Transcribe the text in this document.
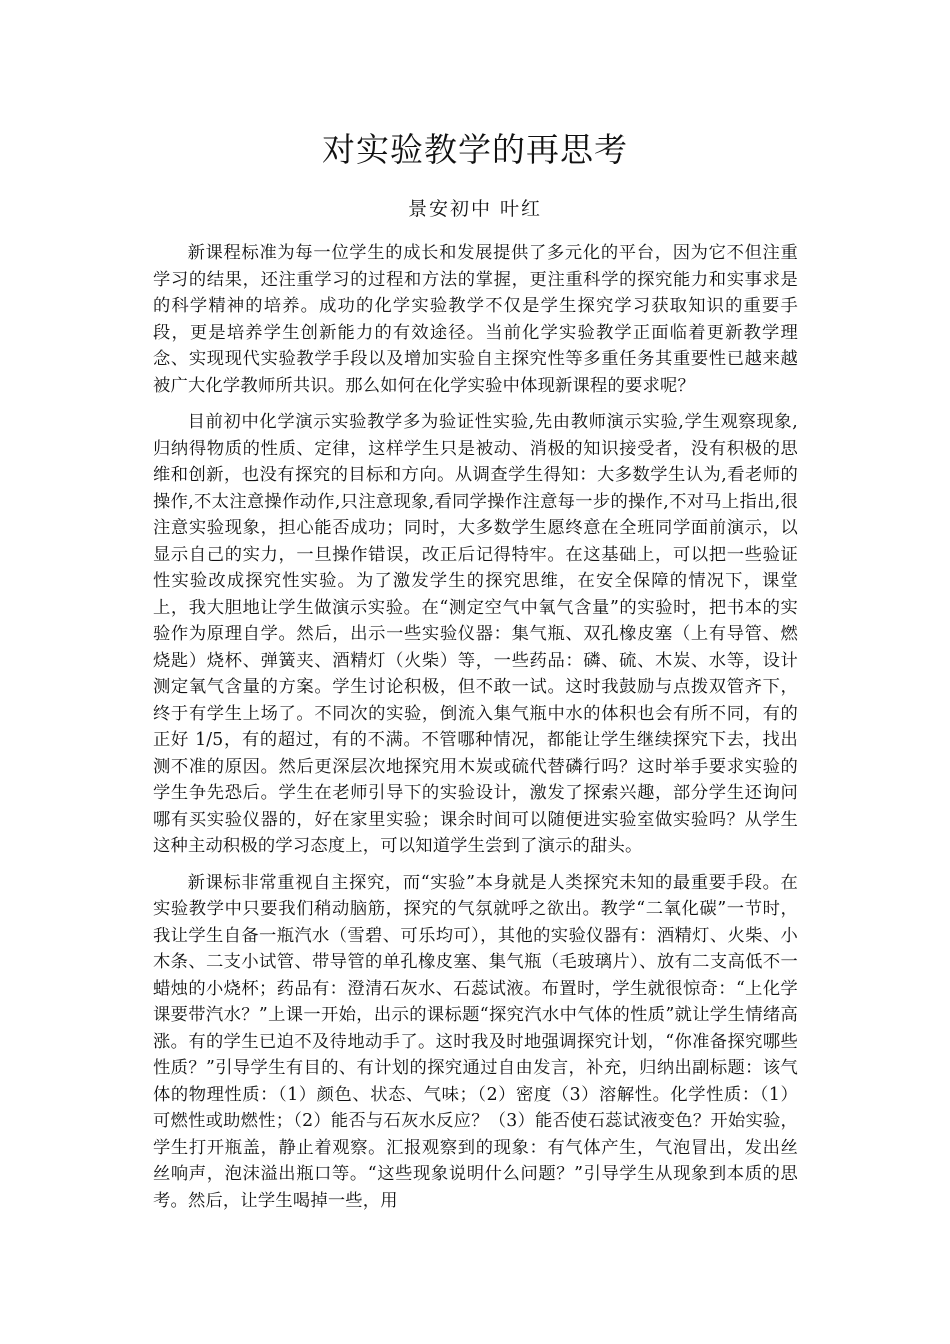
对实验教学的再思考

景安初中 叶红

新课程标准为每一位学生的成长和发展提供了多元化的平台，因为它不但注重学习的结果，还注重学习的过程和方法的掌握，更注重科学的探究能力和实事求是的科学精神的培养。成功的化学实验教学不仅是学生探究学习获取知识的重要手段，更是培养学生创新能力的有效途径。当前化学实验教学正面临着更新教学理念、实现现代实验教学手段以及增加实验自主探究性等多重任务其重要性已越来越被广大化学教师所共识。那么如何在化学实验中体现新课程的要求呢？

目前初中化学演示实验教学多为验证性实验,先由教师演示实验,学生观察现象,归纳得物质的性质、定律，这样学生只是被动、消极的知识接受者，没有积极的思维和创新，也没有探究的目标和方向。从调查学生得知：大多数学生认为,看老师的操作,不太注意操作动作,只注意现象,看同学操作注意每一步的操作,不对马上指出,很注意实验现象，担心能否成功；同时，大多数学生愿终意在全班同学面前演示，以显示自己的实力，一旦操作错误，改正后记得特牢。在这基础上，可以把一些验证性实验改成探究性实验。为了激发学生的探究思维，在安全保障的情况下，课堂上，我大胆地让学生做演示实验。在“测定空气中氧气含量”的实验时，把书本的实验作为原理自学。然后，出示一些实验仪器：集气瓶、双孔橡皮塞（上有导管、燃烧匙）烧杯、弹簧夹、酒精灯（火柴）等，一些药品：磷、硫、木炭、水等，设计测定氧气含量的方案。学生讨论积极，但不敢一试。这时我鼓励与点拨双管齐下，终于有学生上场了。不同次的实验，倒流入集气瓶中水的体积也会有所不同，有的正好 1/5，有的超过，有的不满。不管哪种情况，都能让学生继续探究下去，找出测不准的原因。然后更深层次地探究用木炭或硫代替磷行吗？这时举手要求实验的学生争先恐后。学生在老师引导下的实验设计，激发了探索兴趣，部分学生还询问哪有买实验仪器的，好在家里实验；课余时间可以随便进实验室做实验吗？从学生这种主动积极的学习态度上，可以知道学生尝到了演示的甜头。

新课标非常重视自主探究，而“实验”本身就是人类探究未知的最重要手段。在实验教学中只要我们稍动脑筋，探究的气氛就呼之欲出。教学“二氧化碳”一节时，我让学生自备一瓶汽水（雪碧、可乐均可），其他的实验仪器有：酒精灯、火柴、小木条、二支小试管、带导管的单孔橡皮塞、集气瓶（毛玻璃片）、放有二支高低不一蜡烛的小烧杯；药品有：澄清石灰水、石蕊试液。布置时，学生就很惊奇：“上化学课要带汽水？”上课一开始，出示的课标题“探究汽水中气体的性质”就让学生情绪高涨。有的学生已迫不及待地动手了。这时我及时地强调探究计划，“你准备探究哪些性质？”引导学生有目的、有计划的探究通过自由发言，补充，归纳出副标题：该气体的物理性质：（1）颜色、状态、气味；（2）密度（3）溶解性。化学性质：（1）可燃性或助燃性；（2）能否与石灰水反应？（3）能否使石蕊试液变色？开始实验，学生打开瓶盖，静止着观察。汇报观察到的现象：有气体产生，气泡冒出，发出丝丝响声，泡沫溢出瓶口等。“这些现象说明什么问题？”引导学生从现象到本质的思考。然后，让学生喝掉一些，用
